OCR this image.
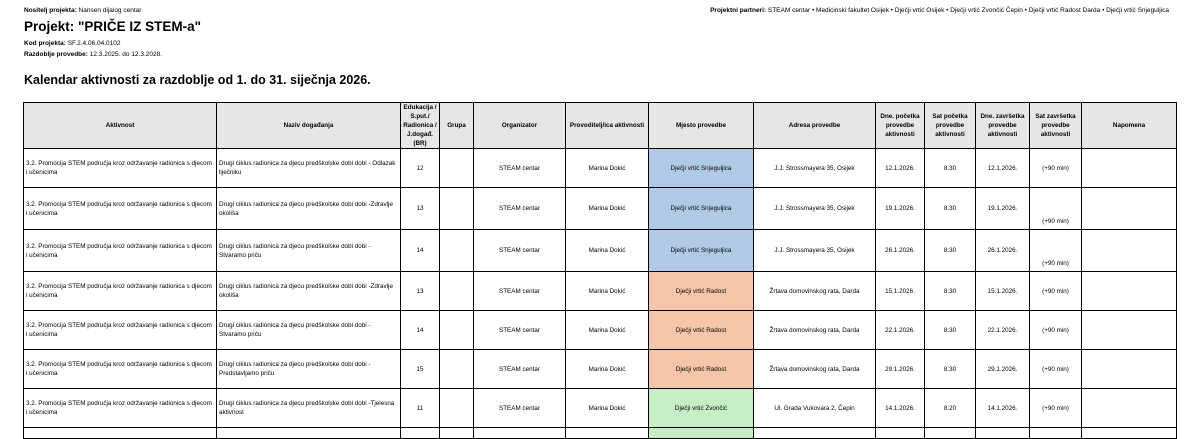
Nositelj projekta: Nansen dijalog centar	Projektni partneri: STEAM centar • Medicinski fakultet Osijek • Dječji vrtić Osijek • Dječji vrtić Zvončić Čepin • Dječji vrtić Radost Darda • Dječji vrtić Snjeguljica
Projekt: "PRIČE IZ STEM-a"
Kod projekta: SF.2.4.06.04.0102
Razdoblje provedbe: 12.3.2025. do 12.3.2028.
Kalendar aktivnosti za razdoblje od 1. do 31. siječnja 2026.
Aktivnost	Naziv događanja	Edukacija / S.put./ Radionica / J.događ. (BR)	Grupa	Organizator	Provoditelj/ica aktivnosti	Mjesto provedbe	Adresa provedbe	Dne. početka provedbe aktivnosti	Sat početka provedbe aktivnosti	Dne. završetka provedbe aktivnosti	Sat završetka provedbe aktivnosti	Napomena
3.2. Promocija STEM područja kroz održavanje radionica s djecom i učenicima	Drugi ciklus radionica za djecu predškolske dobi dobi - Odlazak liječniku	12		STEAM centar	Marina Dokić	Dječji vrtić Snjeguljica	J.J. Strossmayera 35, Osijek	12.1.2026.	8:30	12.1.2026.	(+90 min)	
3.2. Promocija STEM područja kroz održavanje radionica s djecom i učenicima	Drugi ciklus radionica za djecu predškolske dobi dobi -Zdravlje okoliša	13		STEAM centar	Marina Dokić	Dječji vrtić Snjeguljica	J.J. Strossmayera 35, Osijek	19.1.2026.	8:30	19.1.2026.	(+90 min)	
3.2. Promocija STEM područja kroz održavanje radionica s djecom i učenicima	Drugi ciklus radionica za djecu predškolske dobi dobi - Stvaramo priču	14		STEAM centar	Marina Dokić	Dječji vrtić Snjeguljica	J.J. Strossmayera 35, Osijek	26.1.2026.	8:30	26.1.2026.	(+90 min)	
3.2. Promocija STEM područja kroz održavanje radionica s djecom i učenicima	Drugi ciklus radionica za djecu predškolske dobi dobi -Zdravlje okoliša	13		STEAM centar	Marina Dokić	Dječji vrtić Radost	Žrtava domovinskog rata, Darda	15.1.2026.	8:30	15.1.2026.	(+90 min)	
3.2. Promocija STEM područja kroz održavanje radionica s djecom i učenicima	Drugi ciklus radionica za djecu predškolske dobi dobi - Stvaramo priču	14		STEAM centar	Marina Dokić	Dječji vrtić Radost	Žrtava domovinskog rata, Darda	22.1.2026.	8:30	22.1.2026.	(+90 min)	
3.2. Promocija STEM područja kroz održavanje radionica s djecom i učenicima	Drugi ciklus radionica za djecu predškolske dobi dobi - Predstavljamo priču	15		STEAM centar	Marina Dokić	Dječji vrtić Radost	Žrtava domovinskog rata, Darda	29.1.2026.	8:30	29.1.2026.	(+90 min)	
3.2. Promocija STEM područja kroz održavanje radionica s djecom i učenicima	Drugi ciklus radionica za djecu predškolske dobi dobi -Tjelesna aktivnost	11		STEAM centar	Marina Dokić	Dječji vrtić Zvončić	Ul. Grada Vukovara 2, Čepin	14.1.2026.	8:20	14.1.2026.	(+90 min)	
